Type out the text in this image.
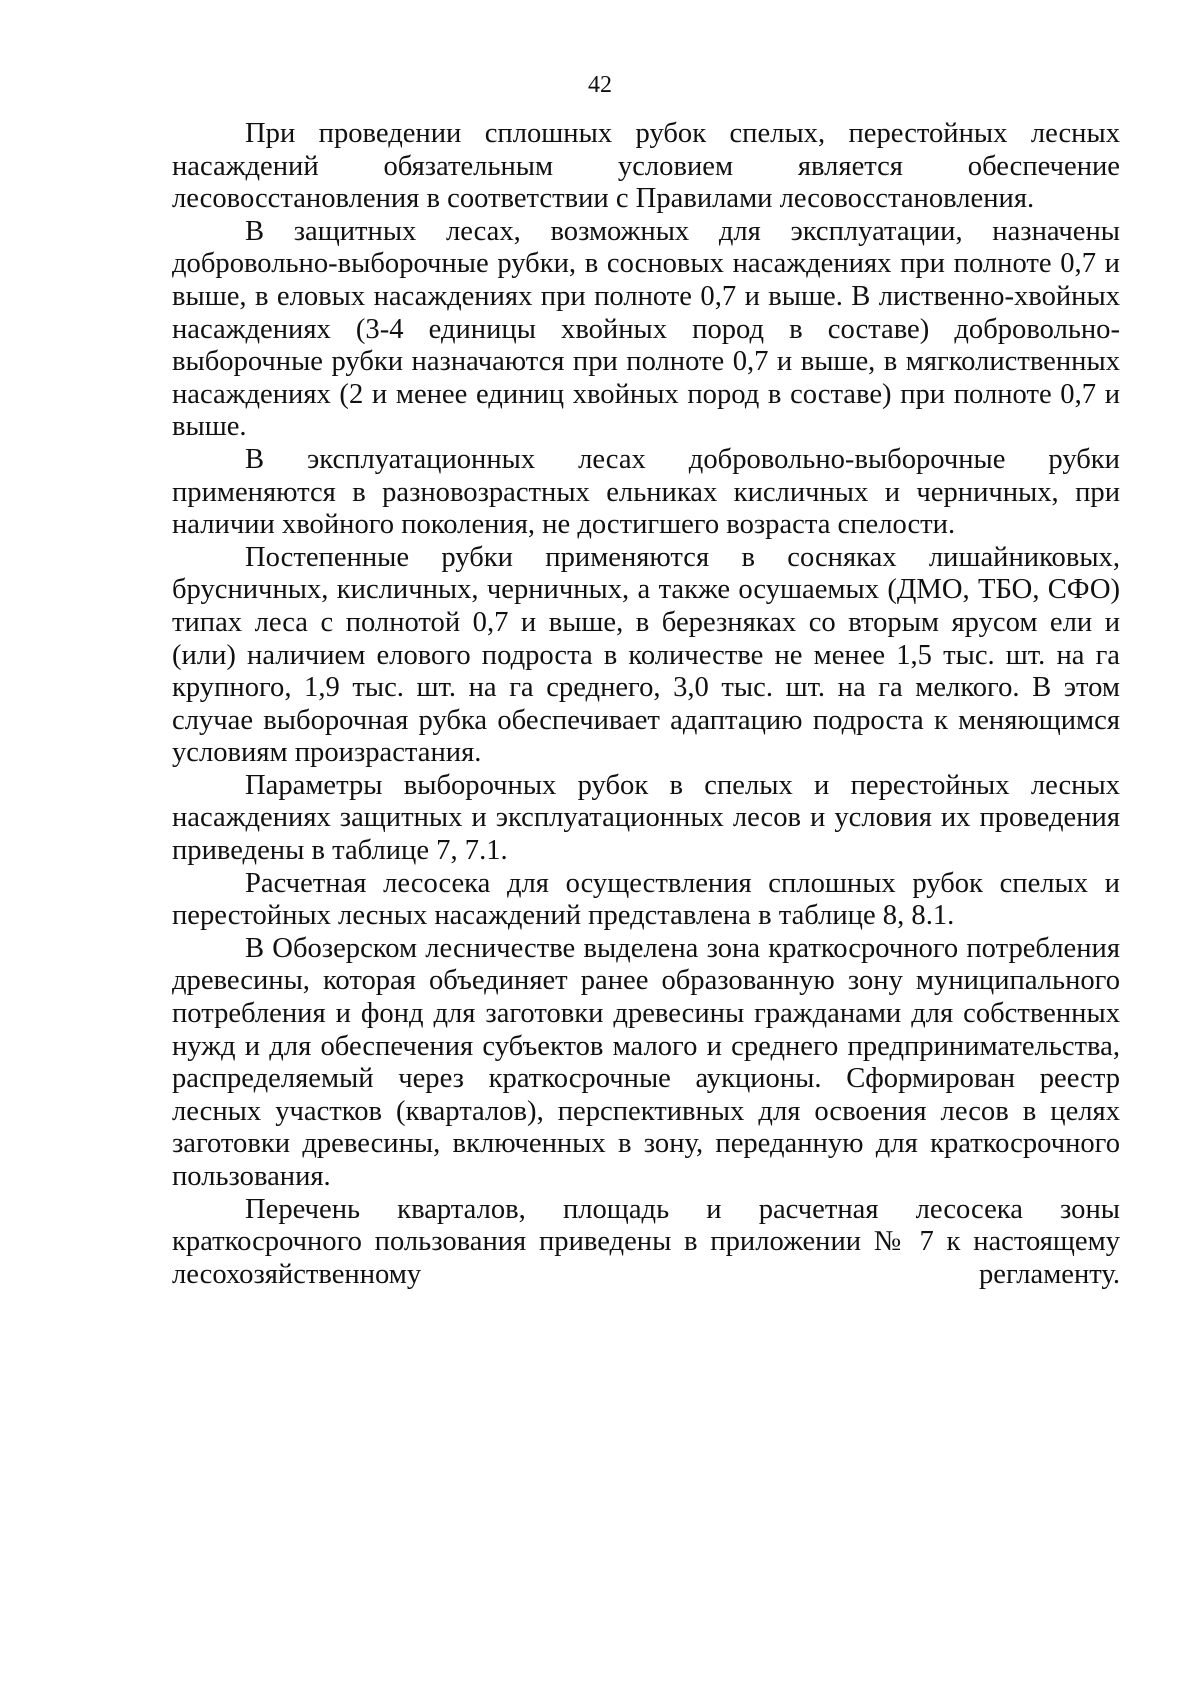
42

При проведении сплошных рубок спелых, перестойных лесных насаждений обязательным условием является обеспечение лесовосстановления в соответствии с Правилами лесовосстановления.

В защитных лесах, возможных для эксплуатации, назначены добровольно-выборочные рубки, в сосновых насаждениях при полноте 0,7 и выше, в еловых насаждениях при полноте 0,7 и выше. В лиственно-хвойных насаждениях (3-4 единицы хвойных пород в составе) добровольно-выборочные рубки назначаются при полноте 0,7 и выше, в мягколиственных насаждениях (2 и менее единиц хвойных пород в составе) при полноте 0,7 и выше.

В эксплуатационных лесах добровольно-выборочные рубки применяются в разновозрастных ельниках кисличных и черничных, при наличии хвойного поколения, не достигшего возраста спелости.

Постепенные рубки применяются в сосняках лишайниковых, брусничных, кисличных, черничных, а также осушаемых (ДМО, ТБО, СФО) типах леса с полнотой 0,7 и выше, в березняках со вторым ярусом ели и (или) наличием елового подроста в количестве не менее 1,5 тыс. шт. на га крупного, 1,9 тыс. шт. на га среднего, 3,0 тыс. шт. на га мелкого. В этом случае выборочная рубка обеспечивает адаптацию подроста к меняющимся условиям произрастания.

Параметры выборочных рубок в спелых и перестойных лесных насаждениях защитных и эксплуатационных лесов и условия их проведения приведены в таблице 7, 7.1.

Расчетная лесосека для осуществления сплошных рубок спелых и перестойных лесных насаждений представлена в таблице 8, 8.1.

В Обозерском лесничестве выделена зона краткосрочного потребления древесины, которая объединяет ранее образованную зону муниципального потребления и фонд для заготовки древесины гражданами для собственных нужд и для обеспечения субъектов малого и среднего предпринимательства, распределяемый через краткосрочные аукционы. Сформирован реестр лесных участков (кварталов), перспективных для освоения лесов в целях заготовки древесины, включенных в зону, переданную для краткосрочного пользования.

Перечень кварталов, площадь и расчетная лесосека зоны краткосрочного пользования приведены в приложении № 7 к настоящему лесохозяйственному регламенту.
